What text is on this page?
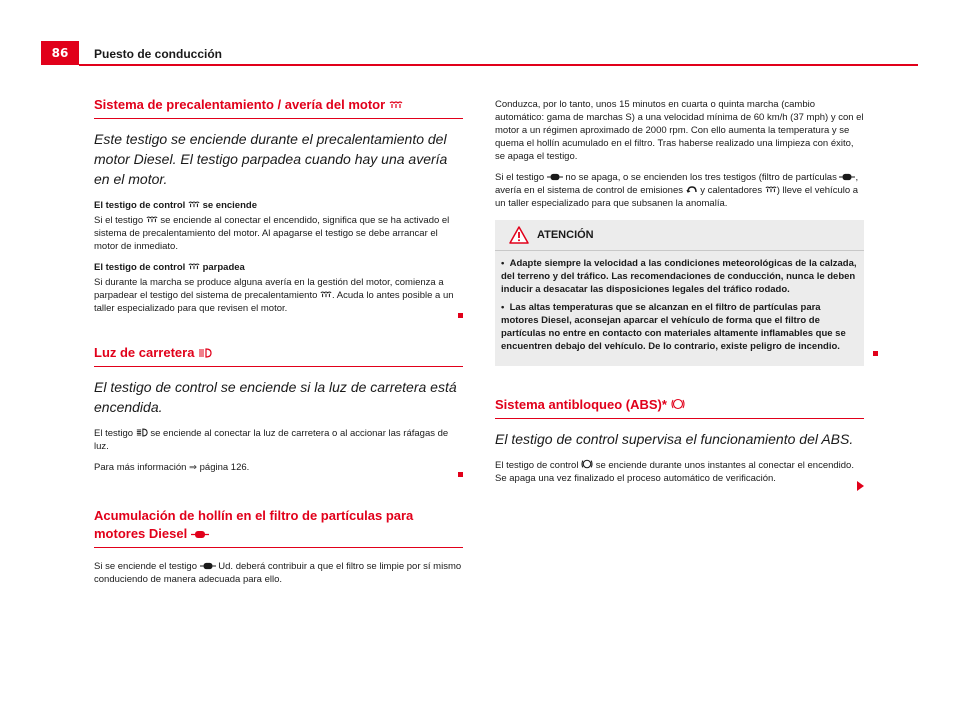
86	Puesto de conducción
Sistema de precalentamiento / avería del motor
Este testigo se enciende durante el precalentamiento del motor Diesel. El testigo parpadea cuando hay una avería en el motor.
El testigo de control se enciende

Si el testigo se enciende al conectar el encendido, significa que se ha activado el sistema de precalentamiento del motor. Al apagarse el testigo se debe arrancar el motor de inmediato.

El testigo de control parpadea

Si durante la marcha se produce alguna avería en la gestión del motor, comienza a parpadear el testigo del sistema de precalentamiento . Acuda lo antes posible a un taller especializado para que revisen el motor.

Luz de carretera
El testigo de control se enciende si la luz de carretera está encendida.

El testigo se enciende al conectar la luz de carretera o al accionar las ráfagas de luz.

Para más información ⇒ página 126.

Acumulación de hollín en el filtro de partículas para motores Diesel

Si se enciende el testigo Ud. deberá contribuir a que el filtro se limpie por sí mismo conduciendo de manera adecuada para ello.

Conduzca, por lo tanto, unos 15 minutos en cuarta o quinta marcha (cambio automático: gama de marchas S) a una velocidad mínima de 60 km/h (37 mph) y con el motor a un régimen aproximado de 2000 rpm. Con ello aumenta la temperatura y se quema el hollín acumulado en el filtro. Tras haberse realizado una limpieza con éxito, se apaga el testigo.

Si el testigo no se apaga, o se encienden los tres testigos (filtro de partículas , avería en el sistema de control de emisiones y calentadores ) lleve el vehículo a un taller especializado para que subsanen la anomalía.

ATENCIÓN
•  Adapte siempre la velocidad a las condiciones meteorológicas de la calzada, del terreno y del tráfico. Las recomendaciones de conducción, nunca le deben inducir a desacatar las disposiciones legales del tráfico rodado.
•  Las altas temperaturas que se alcanzan en el filtro de partículas para motores Diesel, aconsejan aparcar el vehículo de forma que el filtro de partículas no entre en contacto con materiales altamente inflamables que se encuentren debajo del vehículo. De lo contrario, existe peligro de incendio.
Sistema antibloqueo (ABS)*
El testigo de control supervisa el funcionamiento del ABS.

El testigo de control se enciende durante unos instantes al conectar el encendido. Se apaga una vez finalizado el proceso automático de verificación.
